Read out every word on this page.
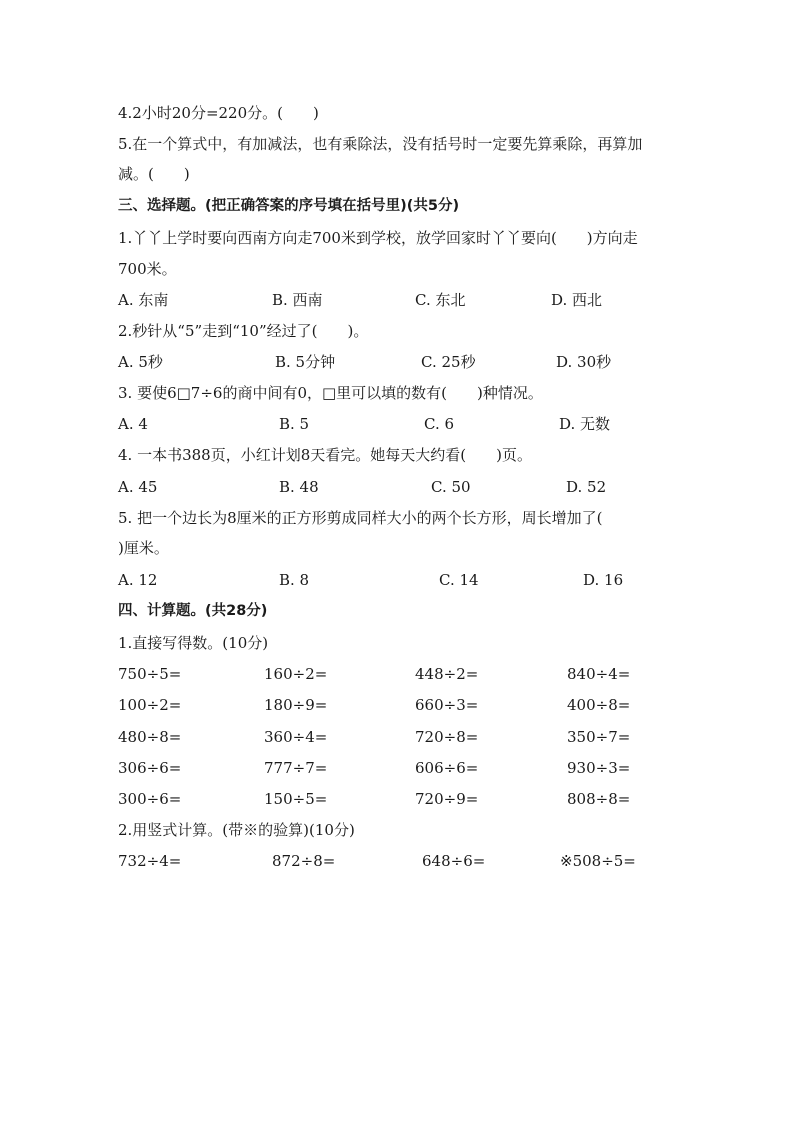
4.2小时20分=220分。(　　)
5.在一个算式中，有加减法，也有乘除法，没有括号时一定要先算乘除，再算加
减。(　　)
三、选择题。(把正确答案的序号填在括号里)(共5分)
1.丫丫上学时要向西南方向走700米到学校，放学回家时丫丫要向(　　)方向走
700米。
A. 东南	B. 西南	C. 东北	D. 西北
2.秒针从“5”走到“10”经过了(　　)。
A. 5秒	B. 5分钟	C. 25秒	D. 30秒
3. 要使6□7÷6的商中间有0，□里可以填的数有(　　)种情况。
A. 4	B. 5	C. 6	D. 无数
4. 一本书388页，小红计划8天看完。她每天大约看(　　)页。
A. 45	B. 48	C. 50	D. 52
5. 把一个边长为8厘米的正方形剪成同样大小的两个长方形，周长增加了(
)厘米。
A. 12	B. 8	C. 14	D. 16
四、计算题。(共28分)
1.直接写得数。(10分)
750÷5=	160÷2=	448÷2=	840÷4=
100÷2=	180÷9=	660÷3=	400÷8=
480÷8=	360÷4=	720÷8=	350÷7=
306÷6=	777÷7=	606÷6=	930÷3=
300÷6=	150÷5=	720÷9=	808÷8=
2.用竖式计算。(带※的验算)(10分)
732÷4=	872÷8=	648÷6=	※508÷5=
